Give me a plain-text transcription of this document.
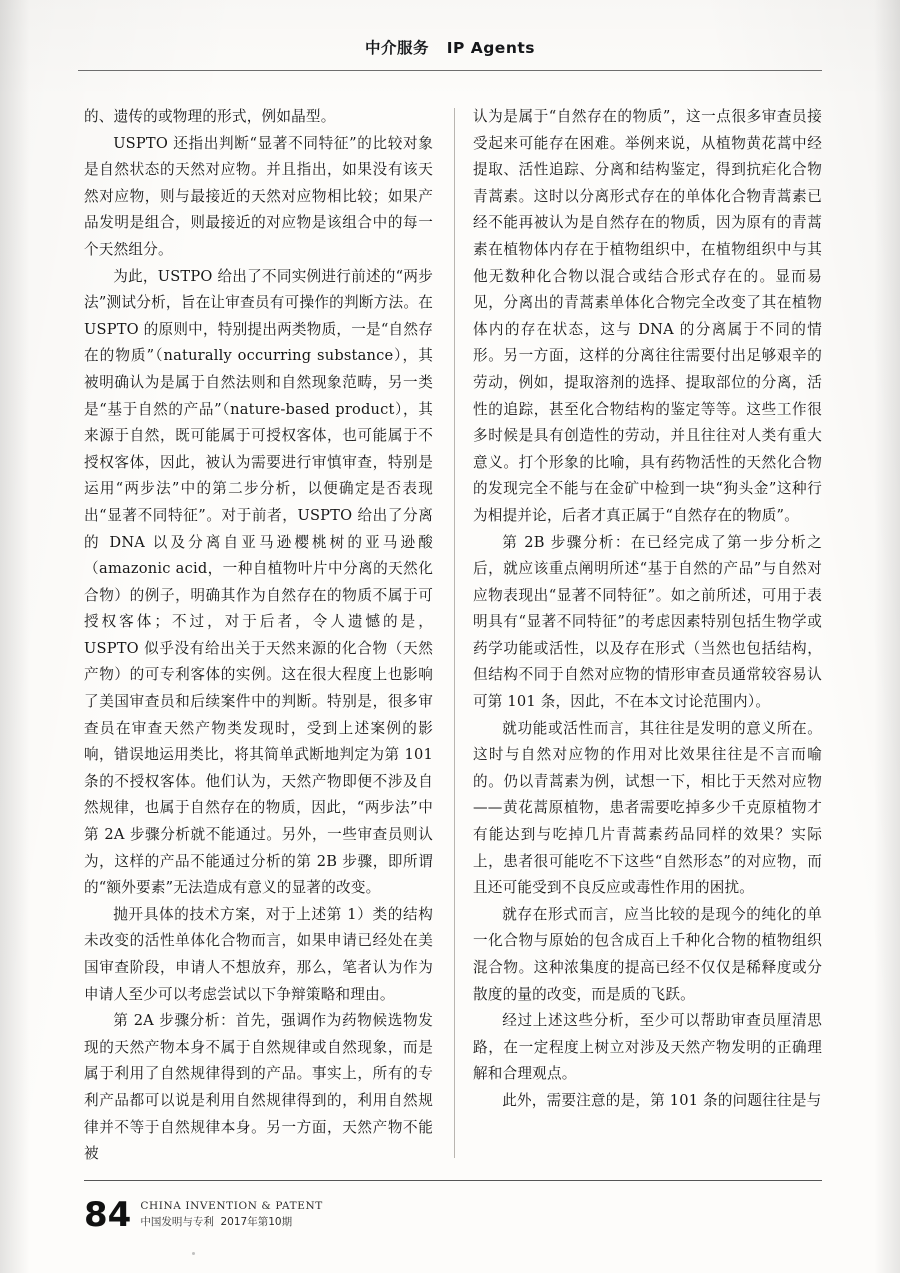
中介服务   IP Agents

的、遗传的或物理的形式，例如晶型。

USPTO 还指出判断“显著不同特征”的比较对象是自然状态的天然对应物。并且指出，如果没有该天然对应物，则与最接近的天然对应物相比较；如果产品发明是组合，则最接近的对应物是该组合中的每一个天然组分。

为此，USTPO 给出了不同实例进行前述的“两步法”测试分析，旨在让审查员有可操作的判断方法。在 USPTO 的原则中，特别提出两类物质，一是“自然存在的物质”（naturally occurring substance），其被明确认为是属于自然法则和自然现象范畴，另一类是“基于自然的产品”（nature-based product），其来源于自然，既可能属于可授权客体，也可能属于不授权客体，因此，被认为需要进行审慎审查，特别是运用“两步法”中的第二步分析，以便确定是否表现出“显著不同特征”。对于前者，USPTO 给出了分离的 DNA 以及分离自亚马逊樱桃树的亚马逊酸（amazonic acid，一种自植物叶片中分离的天然化合物）的例子，明确其作为自然存在的物质不属于可授权客体；不过，对于后者，令人遗憾的是，USPTO 似乎没有给出关于天然来源的化合物（天然产物）的可专利客体的实例。这在很大程度上也影响了美国审查员和后续案件中的判断。特别是，很多审查员在审查天然产物类发现时，受到上述案例的影响，错误地运用类比，将其简单武断地判定为第 101 条的不授权客体。他们认为，天然产物即便不涉及自然规律，也属于自然存在的物质，因此，“两步法”中第 2A 步骤分析就不能通过。另外，一些审查员则认为，这样的产品不能通过分析的第 2B 步骤，即所谓的“额外要素”无法造成有意义的显著的改变。

抛开具体的技术方案，对于上述第 1）类的结构未改变的活性单体化合物而言，如果申请已经处在美国审查阶段，申请人不想放弃，那么，笔者认为作为申请人至少可以考虑尝试以下争辩策略和理由。

第 2A 步骤分析：首先，强调作为药物候选物发现的天然产物本身不属于自然规律或自然现象，而是属于利用了自然规律得到的产品。事实上，所有的专利产品都可以说是利用自然规律得到的，利用自然规律并不等于自然规律本身。另一方面，天然产物不能被

认为是属于“自然存在的物质”，这一点很多审查员接受起来可能存在困难。举例来说，从植物黄花蒿中经提取、活性追踪、分离和结构鉴定，得到抗疟化合物青蒿素。这时以分离形式存在的单体化合物青蒿素已经不能再被认为是自然存在的物质，因为原有的青蒿素在植物体内存在于植物组织中，在植物组织中与其他无数种化合物以混合或结合形式存在的。显而易见，分离出的青蒿素单体化合物完全改变了其在植物体内的存在状态，这与 DNA 的分离属于不同的情形。另一方面，这样的分离往往需要付出足够艰辛的劳动，例如，提取溶剂的选择、提取部位的分离，活性的追踪，甚至化合物结构的鉴定等等。这些工作很多时候是具有创造性的劳动，并且往往对人类有重大意义。打个形象的比喻，具有药物活性的天然化合物的发现完全不能与在金矿中检到一块“狗头金”这种行为相提并论，后者才真正属于“自然存在的物质”。

第 2B 步骤分析：在已经完成了第一步分析之后，就应该重点阐明所述“基于自然的产品”与自然对应物表现出“显著不同特征”。如之前所述，可用于表明具有“显著不同特征”的考虑因素特别包括生物学或药学功能或活性，以及存在形式（当然也包括结构，但结构不同于自然对应物的情形审查员通常较容易认可第 101 条，因此，不在本文讨论范围内）。

就功能或活性而言，其往往是发明的意义所在。这时与自然对应物的作用对比效果往往是不言而喻的。仍以青蒿素为例，试想一下，相比于天然对应物——黄花蒿原植物，患者需要吃掉多少千克原植物才有能达到与吃掉几片青蒿素药品同样的效果？实际上，患者很可能吃不下这些“自然形态”的对应物，而且还可能受到不良反应或毒性作用的困扰。

就存在形式而言，应当比较的是现今的纯化的单一化合物与原始的包含成百上千种化合物的植物组织混合物。这种浓集度的提高已经不仅仅是稀释度或分散度的量的改变，而是质的飞跃。

经过上述这些分析，至少可以帮助审查员厘清思路，在一定程度上树立对涉及天然产物发明的正确理解和合理观点。

此外，需要注意的是，第 101 条的问题往往是与

84 CHINA INVENTION & PATENT
中国发明与专利  2017年第10期
